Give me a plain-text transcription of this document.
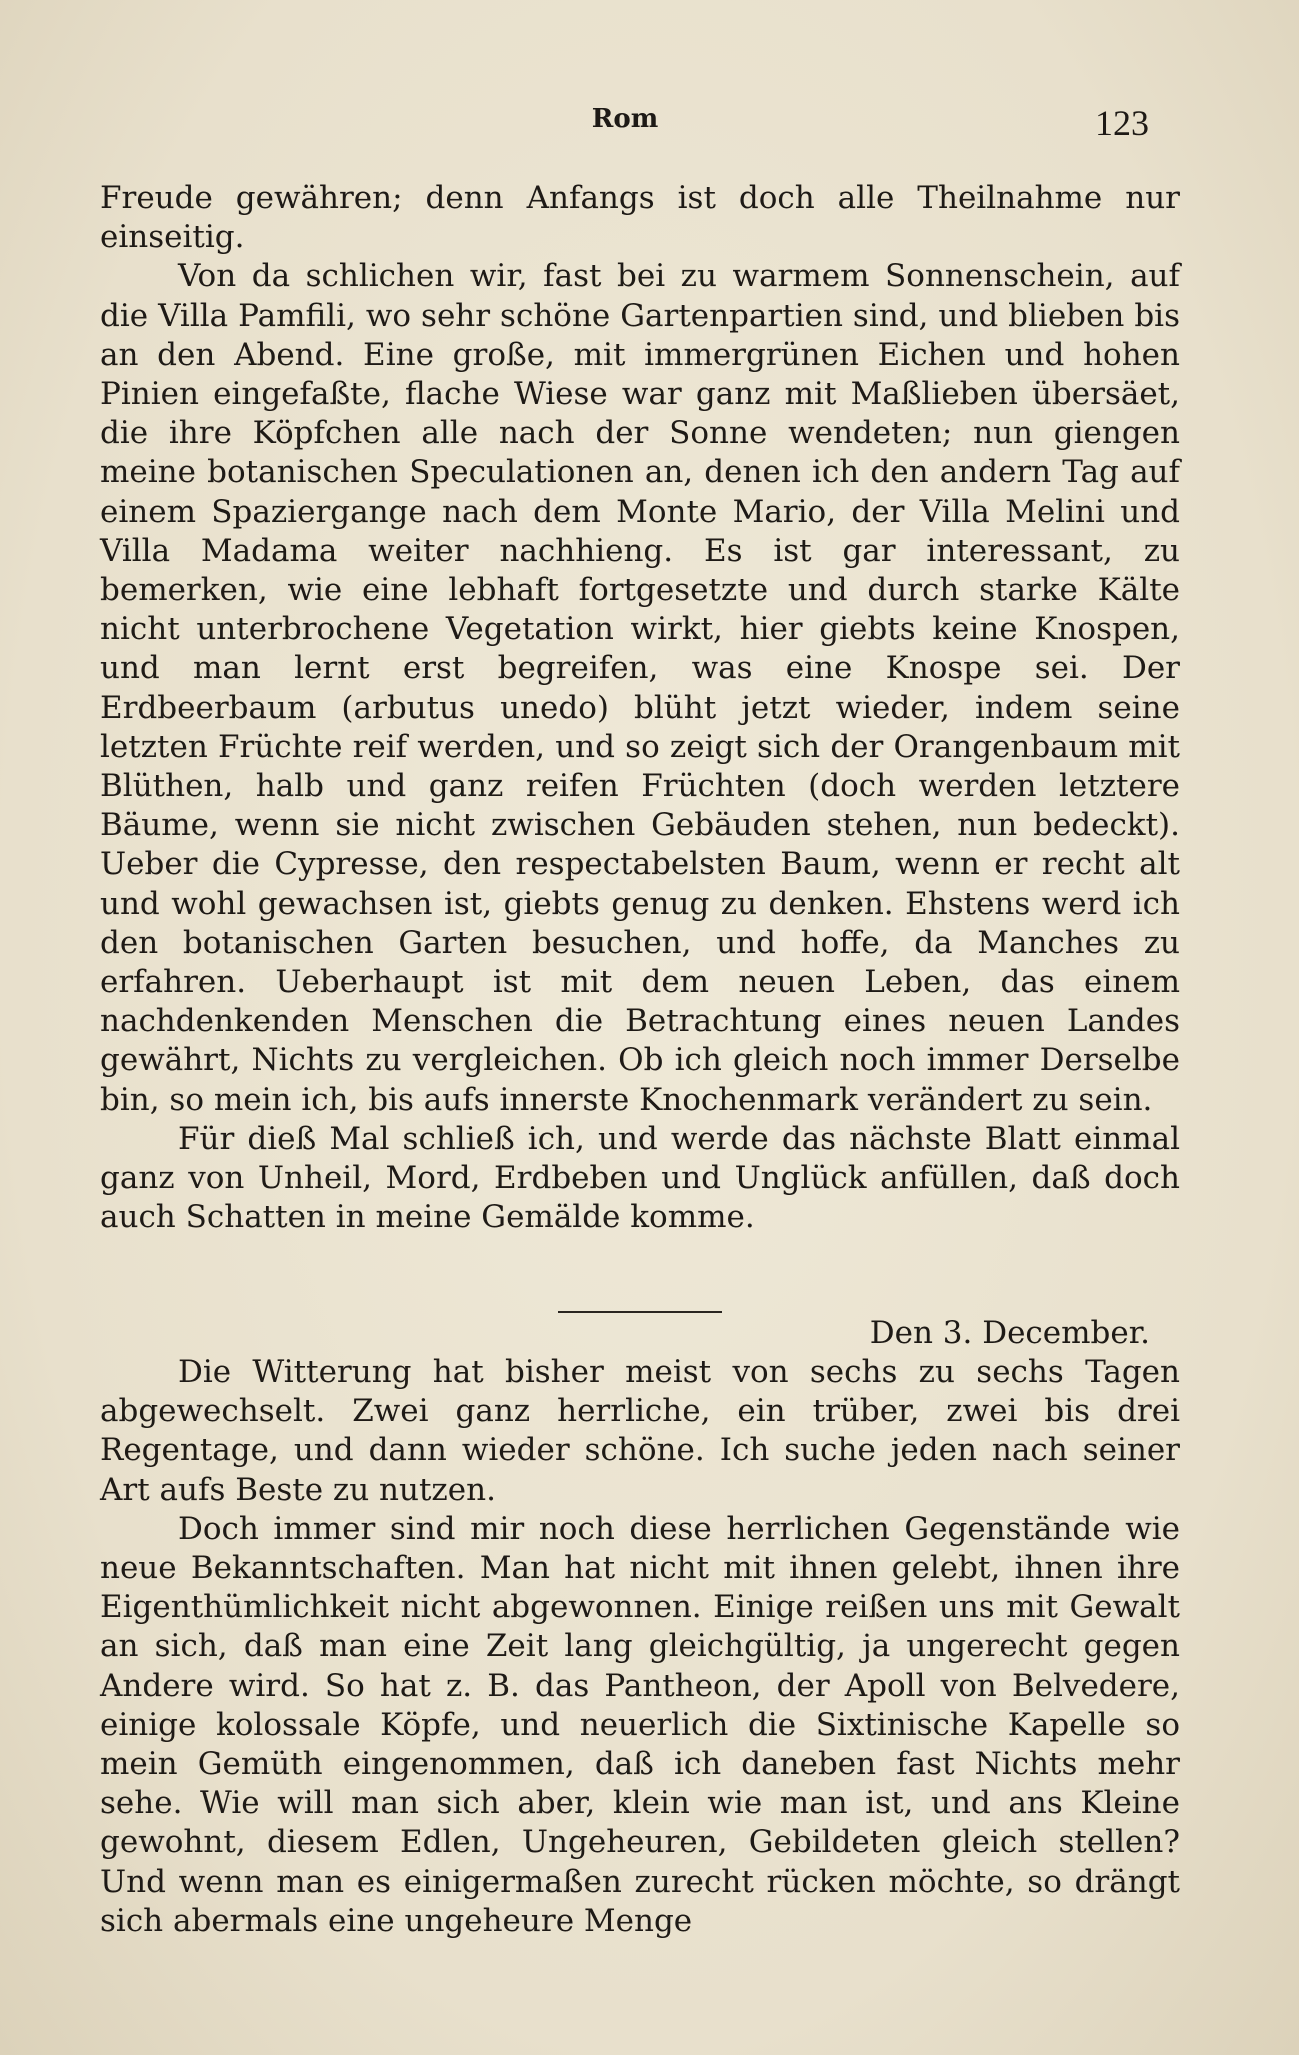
Rom	123

Freude gewähren; denn Anfangs ist doch alle Theilnahme nur einseitig.

Von da schlichen wir, fast bei zu warmem Sonnenschein, auf die Villa Pamfili, wo sehr schöne Gartenpartien sind, und blieben bis an den Abend. Eine große, mit immergrünen Eichen und hohen Pinien eingefaßte, flache Wiese war ganz mit Maßlieben übersäet, die ihre Köpfchen alle nach der Sonne wendeten; nun giengen meine botanischen Speculationen an, denen ich den andern Tag auf einem Spaziergange nach dem Monte Mario, der Villa Melini und Villa Madama weiter nachhieng. Es ist gar interessant, zu bemerken, wie eine lebhaft fortgesetzte und durch starke Kälte nicht unterbrochene Vegetation wirkt, hier giebts keine Knospen, und man lernt erst begreifen, was eine Knospe sei. Der Erdbeerbaum (arbutus unedo) blüht jetzt wieder, indem seine letzten Früchte reif werden, und so zeigt sich der Orangenbaum mit Blüthen, halb und ganz reifen Früchten (doch werden letztere Bäume, wenn sie nicht zwischen Gebäuden stehen, nun bedeckt). Ueber die Cypresse, den respectabelsten Baum, wenn er recht alt und wohl gewachsen ist, giebts genug zu denken. Ehstens werd ich den botanischen Garten besuchen, und hoffe, da Manches zu erfahren. Ueberhaupt ist mit dem neuen Leben, das einem nachdenkenden Menschen die Betrachtung eines neuen Landes gewährt, Nichts zu vergleichen. Ob ich gleich noch immer Derselbe bin, so mein ich, bis aufs innerste Knochenmark verändert zu sein.

Für dieß Mal schließ ich, und werde das nächste Blatt einmal ganz von Unheil, Mord, Erdbeben und Unglück anfüllen, daß doch auch Schatten in meine Gemälde komme.

Den 3. December.

Die Witterung hat bisher meist von sechs zu sechs Tagen abgewechselt. Zwei ganz herrliche, ein trüber, zwei bis drei Regentage, und dann wieder schöne. Ich suche jeden nach seiner Art aufs Beste zu nutzen.

Doch immer sind mir noch diese herrlichen Gegenstände wie neue Bekanntschaften. Man hat nicht mit ihnen gelebt, ihnen ihre Eigenthümlichkeit nicht abgewonnen. Einige reißen uns mit Gewalt an sich, daß man eine Zeit lang gleichgültig, ja ungerecht gegen Andere wird. So hat z. B. das Pantheon, der Apoll von Belvedere, einige kolossale Köpfe, und neuerlich die Sixtinische Kapelle so mein Gemüth eingenommen, daß ich daneben fast Nichts mehr sehe. Wie will man sich aber, klein wie man ist, und ans Kleine gewohnt, diesem Edlen, Ungeheuren, Gebildeten gleich stellen? Und wenn man es einigermaßen zurecht rücken möchte, so drängt sich abermals eine ungeheure Menge
